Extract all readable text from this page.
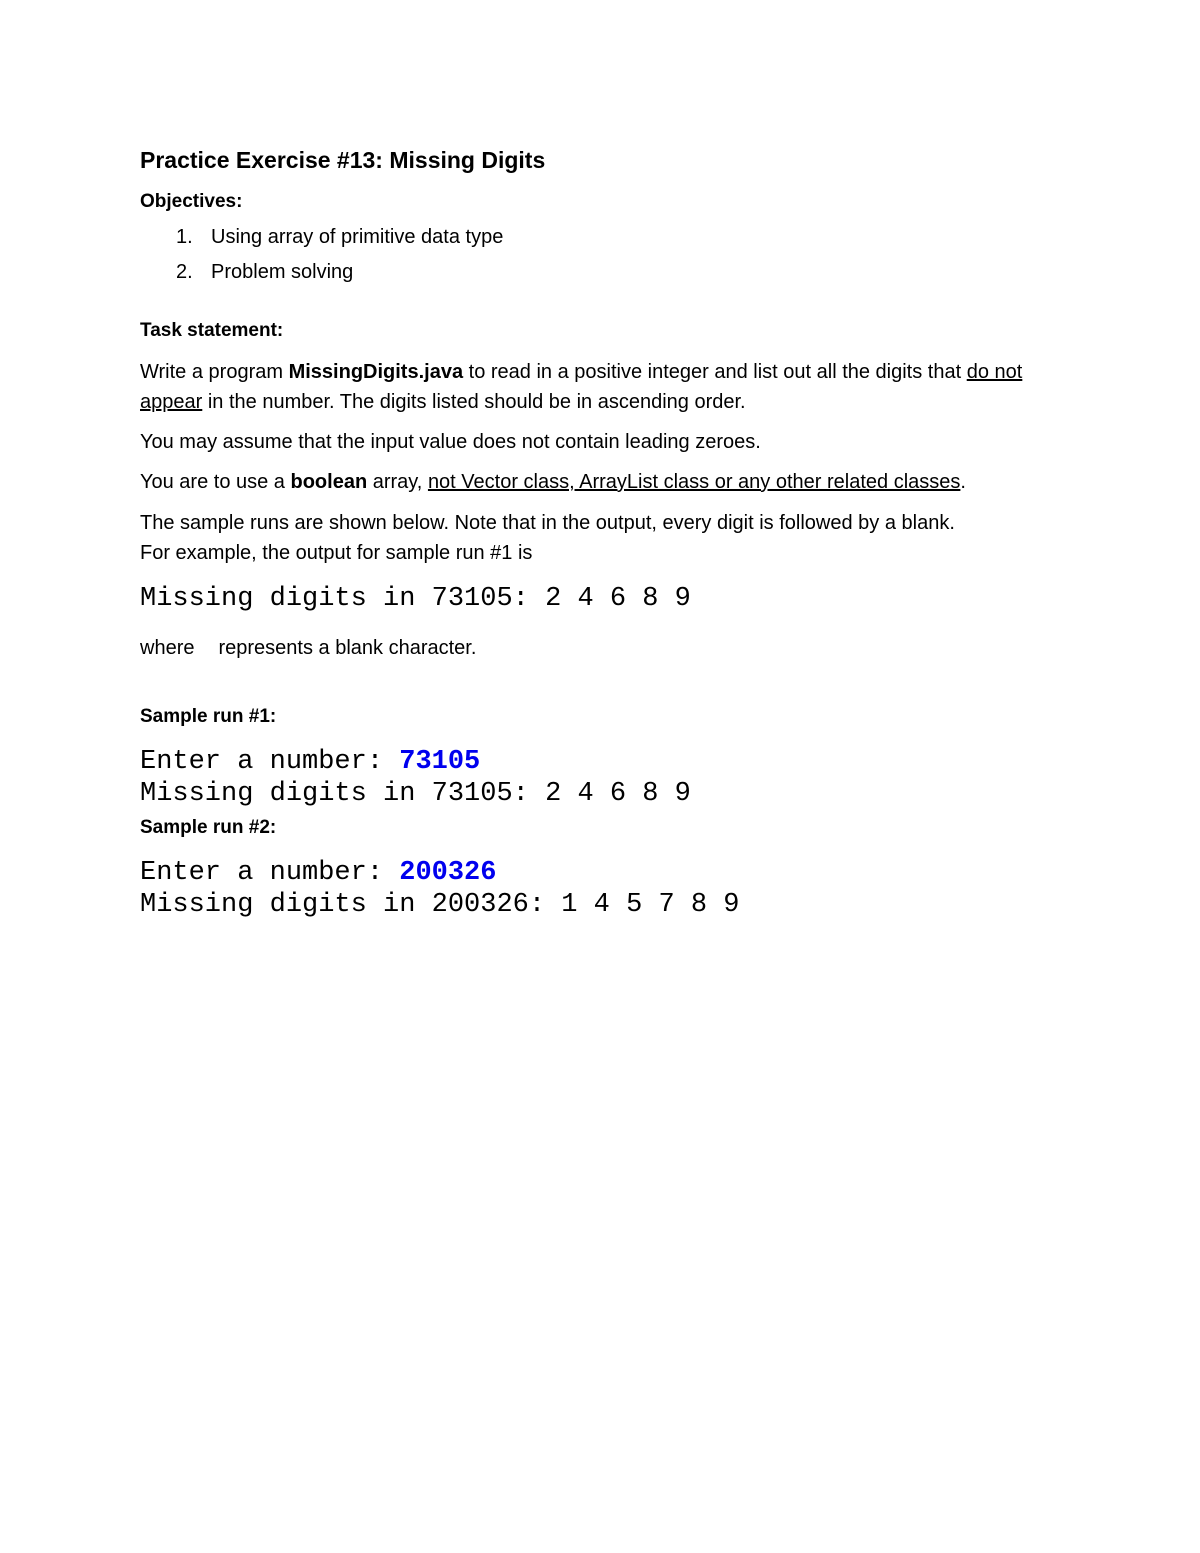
Practice Exercise #13: Missing Digits

Objectives:

1. Using array of primitive data type

2. Problem solving

Task statement:

Write a program MissingDigits.java to read in a positive integer and list out all the digits that do not appear in the number. The digits listed should be in ascending order.

You may assume that the input value does not contain leading zeroes.

You are to use a boolean array, not Vector class, ArrayList class or any other related classes.

The sample runs are shown below. Note that in the output, every digit is followed by a blank.

For example, the output for sample run #1 is

Missing digits in 73105: 2 4 6 8 9

where represents a blank character.

Sample run #1:

Enter a number: 73105

Missing digits in 73105: 2 4 6 8 9

Sample run #2:

Enter a number: 200326

Missing digits in 200326: 1 4 5 7 8 9
